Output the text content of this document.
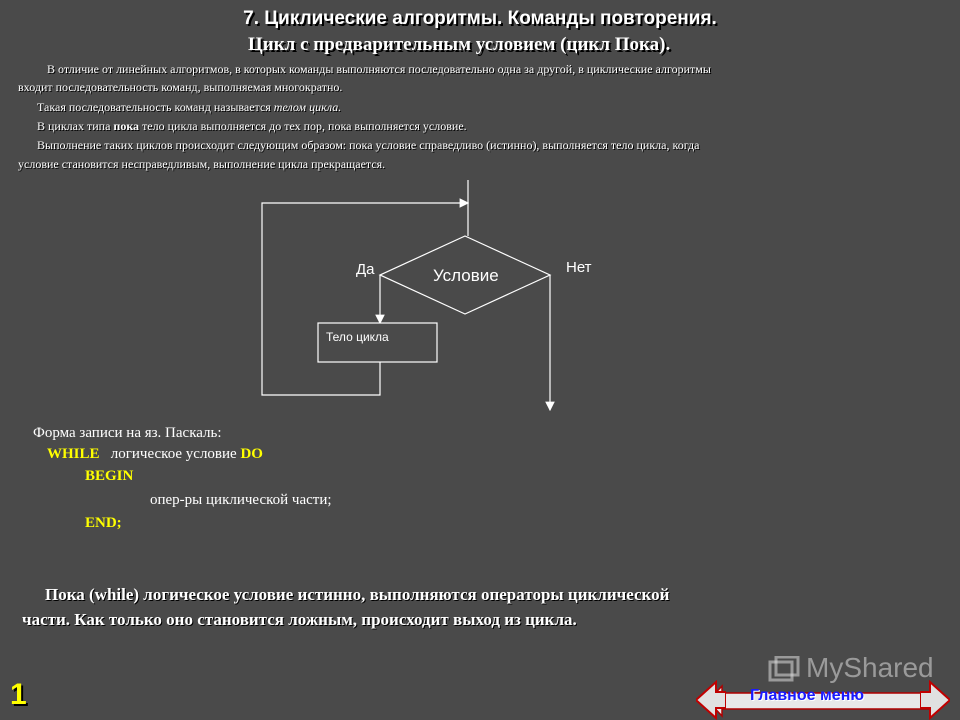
7. Циклические алгоритмы. Команды повторения.
Цикл с предварительным условием (цикл Пока).
В отличие от линейных алгоритмов, в которых команды выполняются последовательно одна за другой, в циклические алгоритмы
входит последовательность команд, выполняемая многократно.
Такая последовательность команд называется телом цикла.
В циклах типа пока тело цикла выполняется до тех пор, пока выполняется условие.
Выполнение таких циклов происходит следующим образом: пока условие справедливо (истинно), выполняется тело цикла, когда
условие становится несправедливым, выполнение цикла прекращается.
Условие
Да	Нет
Тело цикла
Форма записи на яз. Паскаль:
WHILE логическое условие DO
BEGIN
опер-ры циклической части;
END;
Пока (while) логическое условие истинно, выполняются операторы циклической
части. Как только оно становится ложным, происходит выход из цикла.
1
MyShared
Главное меню
